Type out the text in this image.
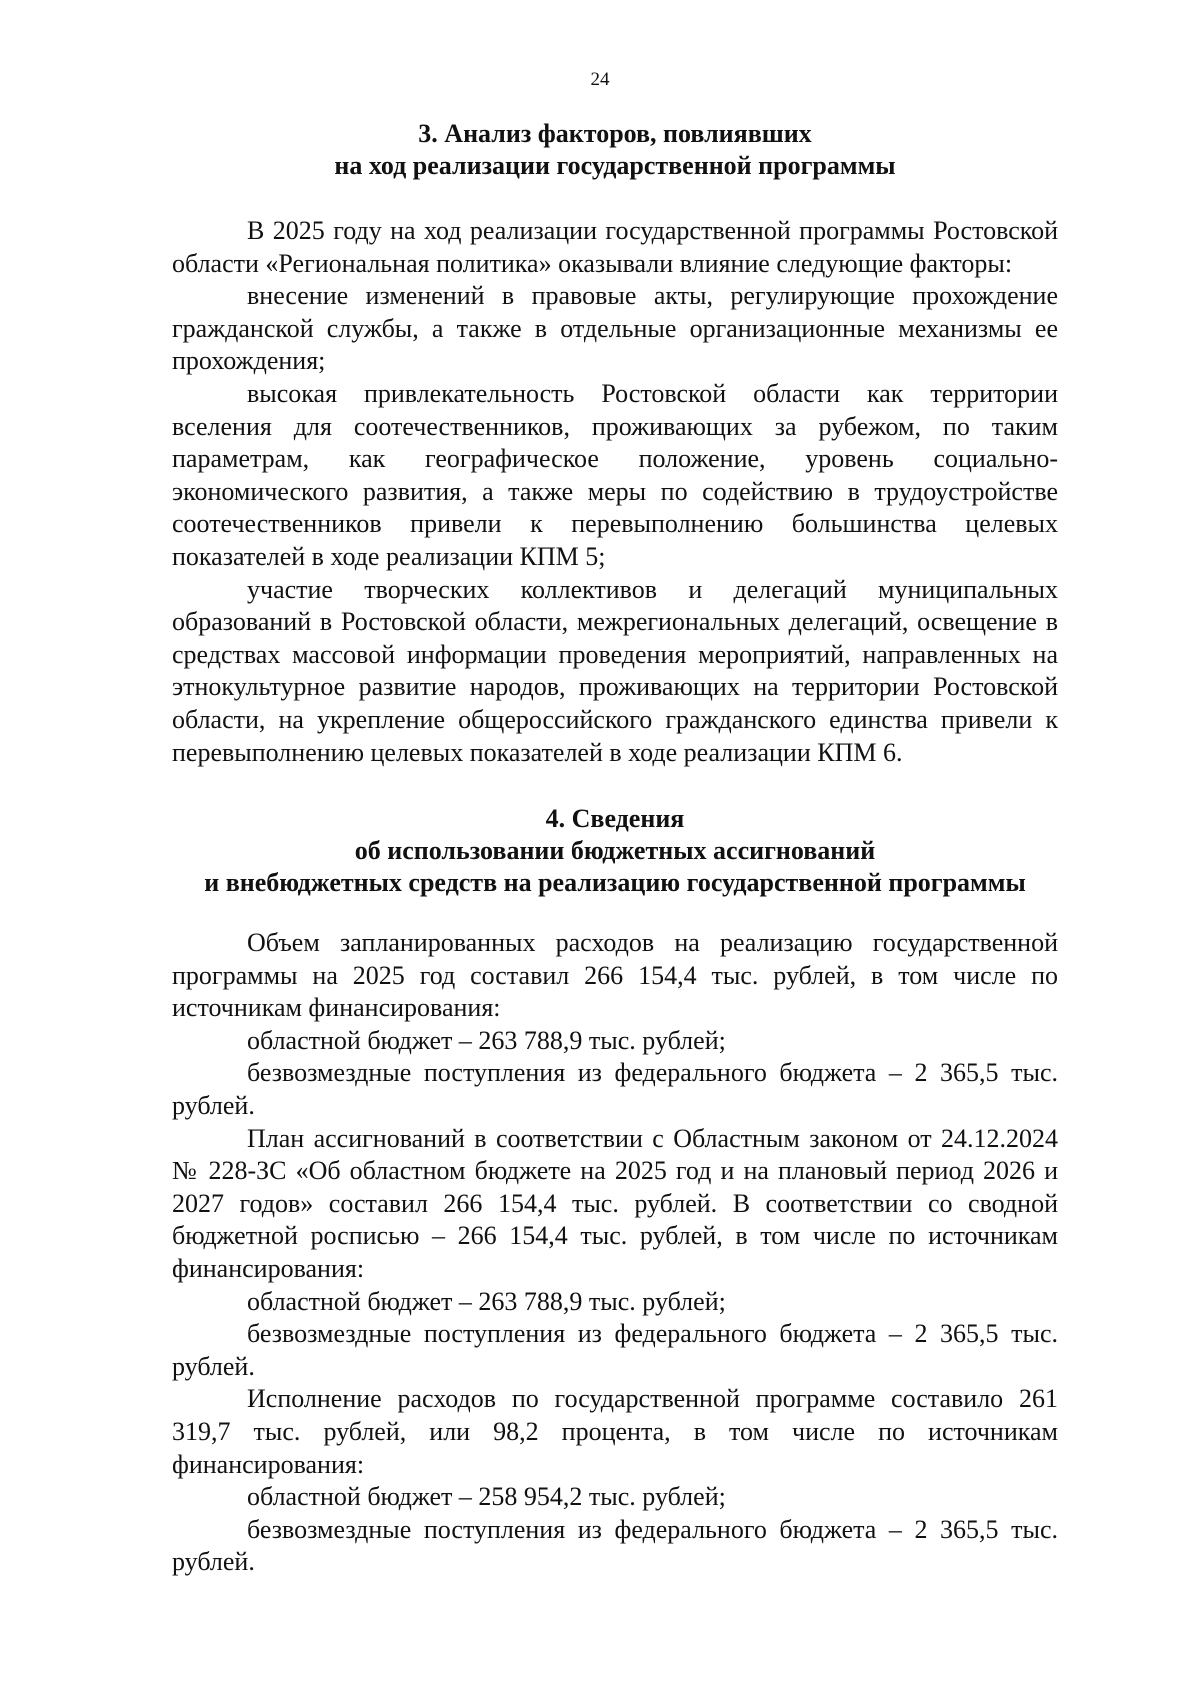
24
3. Анализ факторов, повлиявших
на ход реализации государственной программы

В 2025 году на ход реализации государственной программы Ростовской области «Региональная политика» оказывали влияние следующие факторы:

внесение изменений в правовые акты, регулирующие прохождение гражданской службы, а также в отдельные организационные механизмы ее прохождения;

высокая привлекательность Ростовской области как территории вселения для соотечественников, проживающих за рубежом, по таким параметрам, как географическое положение, уровень социально-экономического развития, а также меры по содействию в трудоустройстве соотечественников привели к перевыполнению большинства целевых показателей в ходе реализации КПМ 5;

участие творческих коллективов и делегаций муниципальных образований в Ростовской области, межрегиональных делегаций, освещение в средствах массовой информации проведения мероприятий, направленных на этнокультурное развитие народов, проживающих на территории Ростовской области, на укрепление общероссийского гражданского единства привели к перевыполнению целевых показателей в ходе реализации КПМ 6.

4. Сведения
об использовании бюджетных ассигнований
и внебюджетных средств на реализацию государственной программы

Объем запланированных расходов на реализацию государственной программы на 2025 год составил 266 154,4 тыс. рублей, в том числе по источникам финансирования:

областной бюджет – 263 788,9 тыс. рублей;

безвозмездные поступления из федерального бюджета – 2 365,5 тыс. рублей.

План ассигнований в соответствии с Областным законом от 24.12.2024 № 228-ЗС «Об областном бюджете на 2025 год и на плановый период 2026 и 2027 годов» составил 266 154,4 тыс. рублей. В соответствии со сводной бюджетной росписью – 266 154,4 тыс. рублей, в том числе по источникам финансирования:

областной бюджет – 263 788,9 тыс. рублей;

безвозмездные поступления из федерального бюджета – 2 365,5 тыс. рублей.

Исполнение расходов по государственной программе составило 261 319,7 тыс. рублей, или 98,2 процента, в том числе по источникам финансирования:

областной бюджет – 258 954,2 тыс. рублей;

безвозмездные поступления из федерального бюджета – 2 365,5 тыс. рублей.
